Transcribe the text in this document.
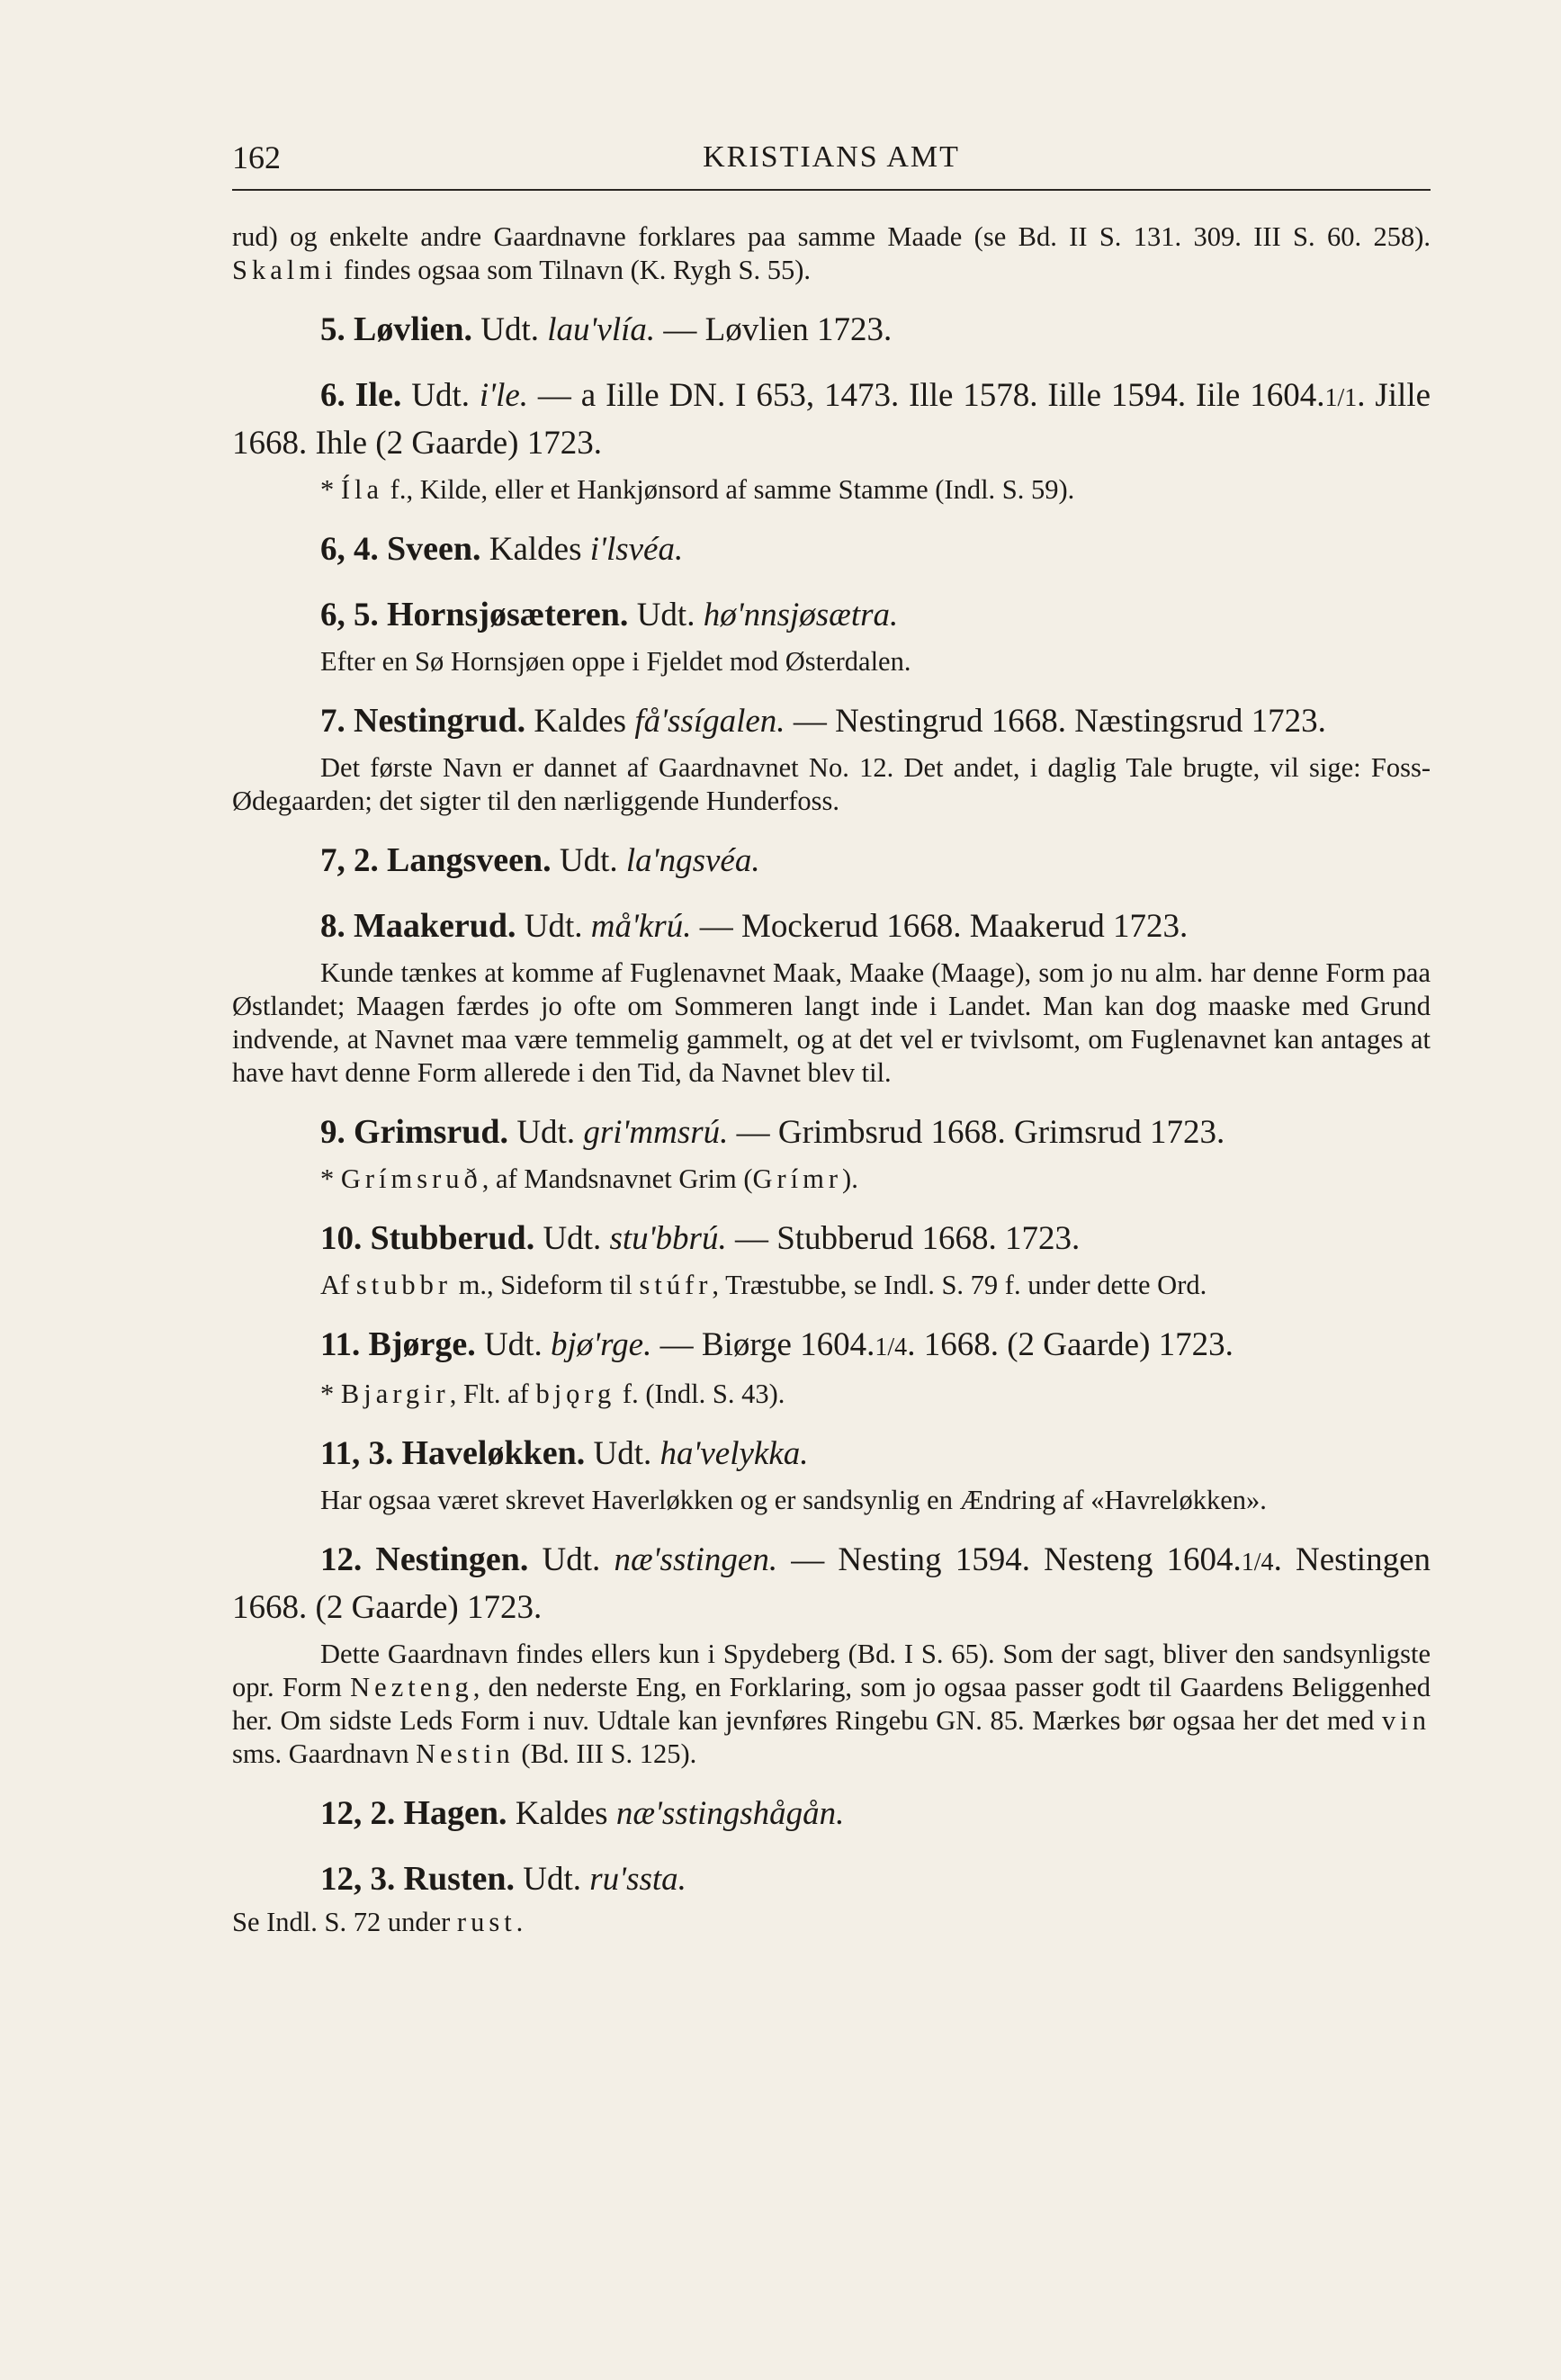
162	KRISTIANS AMT

rud) og enkelte andre Gaardnavne forklares paa samme Maade (se Bd. II S. 131. 309. III S. 60. 258). Skalmi findes ogsaa som Tilnavn (K. Rygh S. 55).

5. Løvlien. Udt. lau'vlía. — Løvlien 1723.

6. Ile. Udt. i'le. — a Iille DN. I 653, 1473. Ille 1578. Iille 1594. Iile 1604.1/1. Jille 1668. Ihle (2 Gaarde) 1723.

* Íla f., Kilde, eller et Hankjønsord af samme Stamme (Indl. S. 59).

6, 4. Sveen. Kaldes i'lsvéa.

6, 5. Hornsjøsæteren. Udt. hø'nnsjøsætra.

Efter en Sø Hornsjøen oppe i Fjeldet mod Østerdalen.

7. Nestingrud. Kaldes få'ssígalen. — Nestingrud 1668. Næstingsrud 1723.

Det første Navn er dannet af Gaardnavnet No. 12. Det andet, i daglig Tale brugte, vil sige: Foss-Ødegaarden; det sigter til den nærliggende Hunderfoss.

7, 2. Langsveen. Udt. la'ngsvéa.

8. Maakerud. Udt. må'krú. — Mockerud 1668. Maakerud 1723.

Kunde tænkes at komme af Fuglenavnet Maak, Maake (Maage), som jo nu alm. har denne Form paa Østlandet; Maagen færdes jo ofte om Sommeren langt inde i Landet. Man kan dog maaske med Grund indvende, at Navnet maa være temmelig gammelt, og at det vel er tvivlsomt, om Fuglenavnet kan antages at have havt denne Form allerede i den Tid, da Navnet blev til.

9. Grimsrud. Udt. gri'mmsrú. — Grimbsrud 1668. Grimsrud 1723.

* Grímsruð, af Mandsnavnet Grim (Grímr).

10. Stubberud. Udt. stu'bbrú. — Stubberud 1668. 1723.

Af stubbr m., Sideform til stúfr, Træstubbe, se Indl. S. 79 f. under dette Ord.

11. Bjørge. Udt. bjø'rge. — Biørge 1604.1/4. 1668. (2 Gaarde) 1723.

* Bjargir, Flt. af bjǫrg f. (Indl. S. 43).

11, 3. Haveløkken. Udt. ha'velykka.

Har ogsaa været skrevet Haverløkken og er sandsynlig en Ændring af «Havreløkken».

12. Nestingen. Udt. næ'sstingen. — Nesting 1594. Nesteng 1604.1/4. Nestingen 1668. (2 Gaarde) 1723.

Dette Gaardnavn findes ellers kun i Spydeberg (Bd. I S. 65). Som der sagt, bliver den sandsynligste opr. Form Nezteng, den nederste Eng, en Forklaring, som jo ogsaa passer godt til Gaardens Beliggenhed her. Om sidste Leds Form i nuv. Udtale kan jevnføres Ringebu GN. 85. Mærkes bør ogsaa her det med vin sms. Gaardnavn Nestin (Bd. III S. 125).

12, 2. Hagen. Kaldes næ'sstingshågån.

12, 3. Rusten. Udt. ru'ssta.

Se Indl. S. 72 under rust.
